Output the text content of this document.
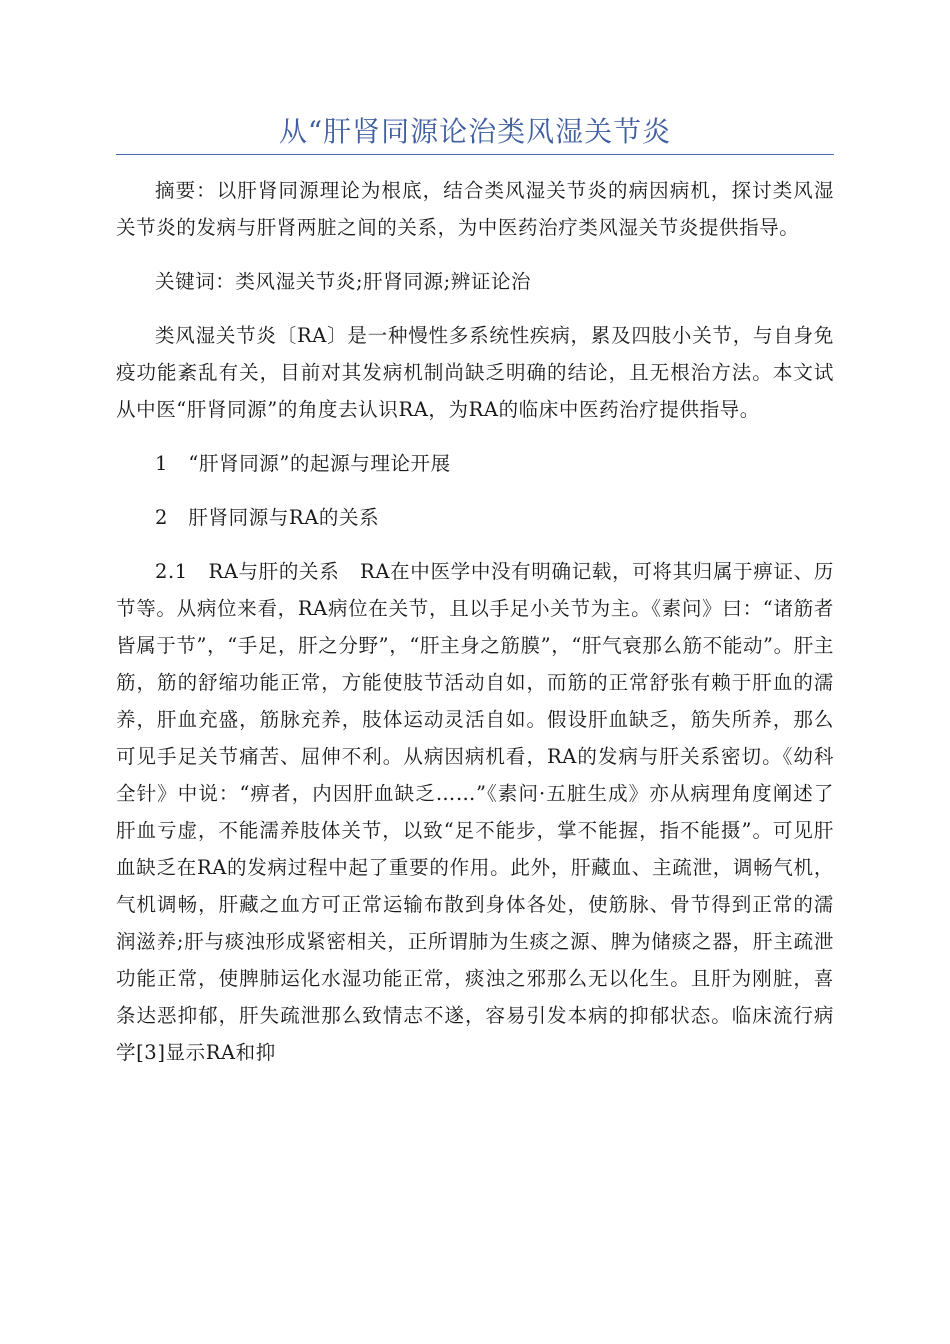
从“肝肾同源论治类风湿关节炎

摘要：以肝肾同源理论为根底，结合类风湿关节炎的病因病机，探讨类风湿关节炎的发病与肝肾两脏之间的关系，为中医药治疗类风湿关节炎提供指导。

关键词：类风湿关节炎;肝肾同源;辨证论治

类风湿关节炎〔RA〕是一种慢性多系统性疾病，累及四肢小关节，与自身免疫功能紊乱有关，目前对其发病机制尚缺乏明确的结论，且无根治方法。本文试从中医“肝肾同源”的角度去认识RA，为RA的临床中医药治疗提供指导。

1 “肝肾同源”的起源与理论开展

2 肝肾同源与RA的关系

2.1 RA与肝的关系 RA在中医学中没有明确记载，可将其归属于痹证、历节等。从病位来看，RA病位在关节，且以手足小关节为主。《素问》曰：“诸筋者皆属于节”，“手足，肝之分野”，“肝主身之筋膜”，“肝气衰那么筋不能动”。肝主筋，筋的舒缩功能正常，方能使肢节活动自如，而筋的正常舒张有赖于肝血的濡养，肝血充盛，筋脉充养，肢体运动灵活自如。假设肝血缺乏，筋失所养，那么可见手足关节痛苦、屈伸不利。从病因病机看，RA的发病与肝关系密切。《幼科全针》中说：“痹者，内因肝血缺乏……”《素问·五脏生成》亦从病理角度阐述了肝血亏虚，不能濡养肢体关节，以致“足不能步，掌不能握，指不能摄”。可见肝血缺乏在RA的发病过程中起了重要的作用。此外，肝藏血、主疏泄，调畅气机，气机调畅，肝藏之血方可正常运输布散到身体各处，使筋脉、骨节得到正常的濡润滋养;肝与痰浊形成紧密相关，正所谓肺为生痰之源、脾为储痰之器，肝主疏泄功能正常，使脾肺运化水湿功能正常，痰浊之邪那么无以化生。且肝为刚脏，喜条达恶抑郁，肝失疏泄那么致情志不遂，容易引发本病的抑郁状态。临床流行病学[3]显示RA和抑
